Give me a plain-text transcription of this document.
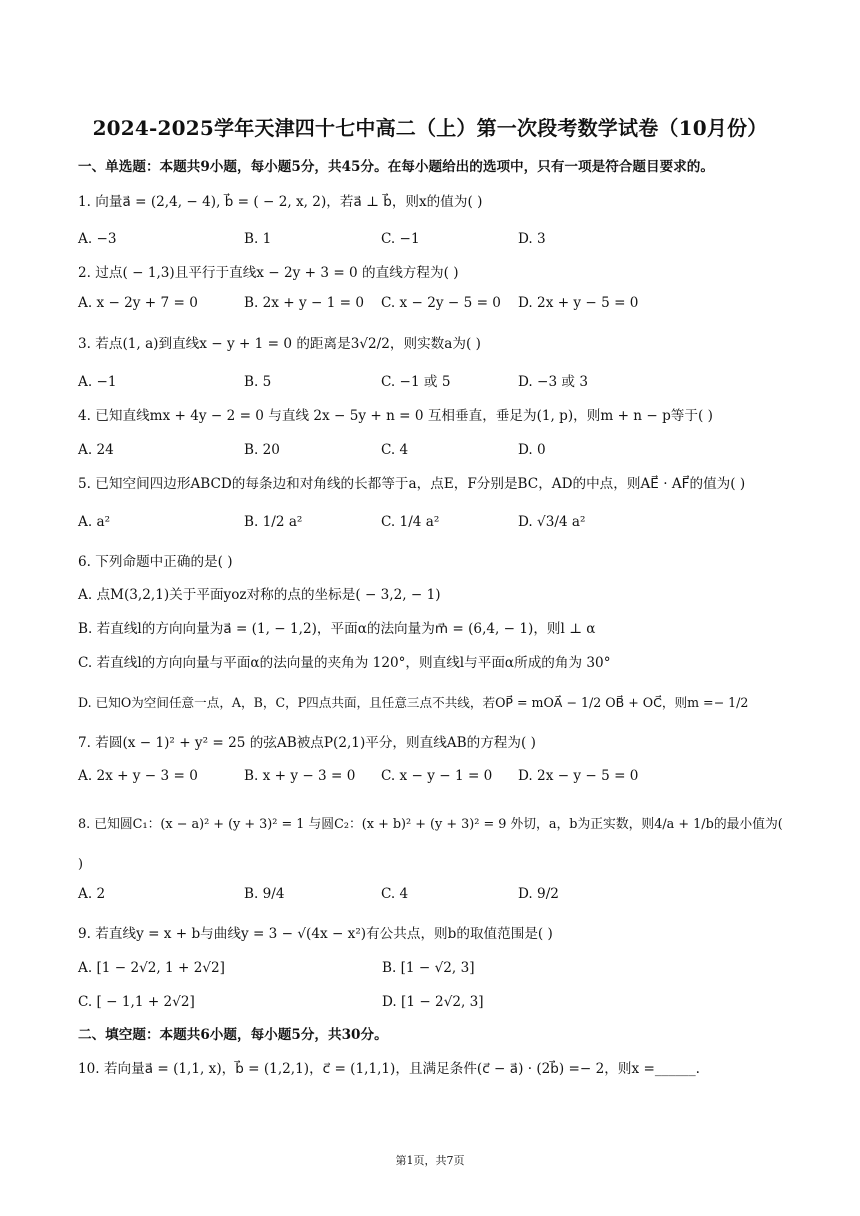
2024-2025学年天津四十七中高二（上）第一次段考数学试卷（10月份）
一、单选题：本题共9小题，每小题5分，共45分。在每小题给出的选项中，只有一项是符合题目要求的。
1. 向量a⃗ = (2,4, − 4), b⃗ = ( − 2, x, 2)，若a⃗ ⊥ b⃗，则x的值为( )
A. −3	B. 1	C. −1	D. 3
2. 过点( − 1,3)且平行于直线x − 2y + 3 = 0 的直线方程为( )
A. x − 2y + 7 = 0	B. 2x + y − 1 = 0 C. x − 2y − 5 = 0 D. 2x + y − 5 = 0
3. 若点(1, a)到直线x − y + 1 = 0 的距离是3√2/2，则实数a为( )
A. −1	B. 5	C. −1 或 5	D. −3 或 3
4. 已知直线mx + 4y − 2 = 0 与直线 2x − 5y + n = 0 互相垂直，垂足为(1, p)，则m + n − p等于( )
A. 24	B. 20	C. 4	D. 0
5. 已知空间四边形ABCD的每条边和对角线的长都等于a，点E，F分别是BC，AD的中点，则AE⃗ · AF⃗的值为( )
A. a²	B. 1/2 a²	C. 1/4 a²	D. √3/4 a²
6. 下列命题中正确的是( )
A. 点M(3,2,1)关于平面yoz对称的点的坐标是( − 3,2, − 1)
B. 若直线l的方向向量为a⃗ = (1, − 1,2)，平面α的法向量为m⃗ = (6,4, − 1)，则l ⊥ α
C. 若直线l的方向向量与平面α的法向量的夹角为 120°，则直线l与平面α所成的角为 30°
D. 已知O为空间任意一点，A，B，C，P四点共面，且任意三点不共线，若OP⃗ = mOA⃗ − 1/2 OB⃗ + OC⃗，则m =− 1/2
7. 若圆(x − 1)² + y² = 25 的弦AB被点P(2,1)平分，则直线AB的方程为( )
A. 2x + y − 3 = 0	B. x + y − 3 = 0 C. x − y − 1 = 0 D. 2x − y − 5 = 0
8. 已知圆C₁：(x − a)² + (y + 3)² = 1 与圆C₂：(x + b)² + (y + 3)² = 9 外切，a，b为正实数，则4/a + 1/b的最小值为( )
A. 2	B. 9/4	C. 4	D. 9/2
9. 若直线y = x + b与曲线y = 3 − √(4x − x²)有公共点，则b的取值范围是( )
A. [1 − 2√2, 1 + 2√2]	B. [1 − √2, 3]
C. [ − 1,1 + 2√2]	D. [1 − 2√2, 3]
二、填空题：本题共6小题，每小题5分，共30分。
10. 若向量a⃗ = (1,1, x)，b⃗ = (1,2,1)，c⃗ = (1,1,1)，且满足条件(c⃗ − a⃗) · (2b⃗) =− 2，则x =______.
第1页，共7页
